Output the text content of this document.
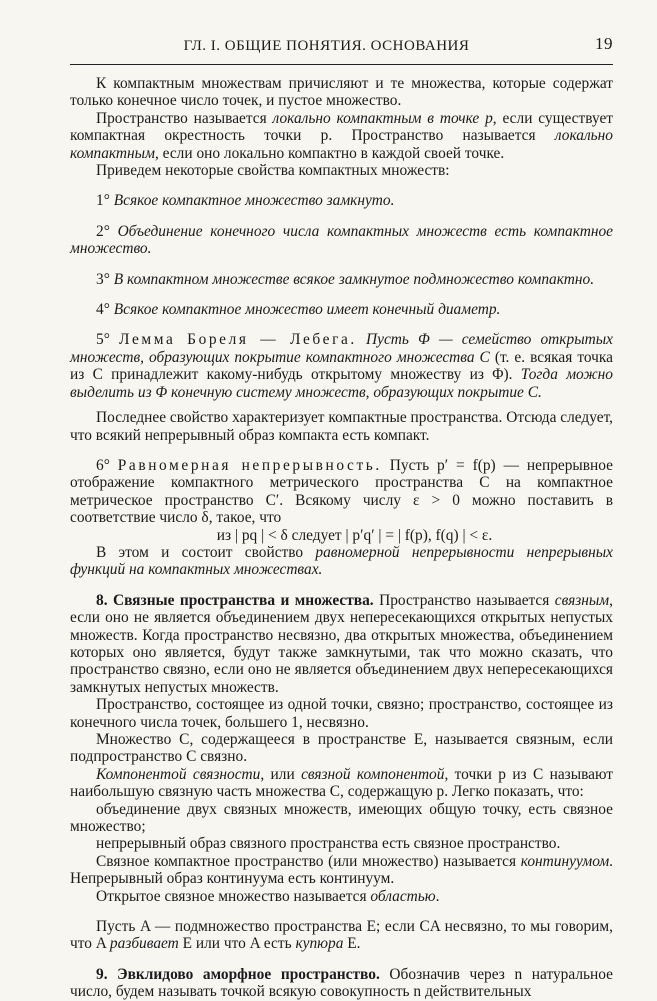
ГЛ. I. ОБЩИЕ ПОНЯТИЯ. ОСНОВАНИЯ	19

К компактным множествам причисляют и те множества, которые содержат только конечное число точек, и пустое множество.

Пространство называется локально компактным в точке p, если существует компактная окрестность точки p. Пространство называется локально компактным, если оно локально компактно в каждой своей точке.

Приведем некоторые свойства компактных множеств:

1° Всякое компактное множество замкнуто.

2° Объединение конечного числа компактных множеств есть компактное множество.

3° В компактном множестве всякое замкнутое подмножество компактно.

4° Всякое компактное множество имеет конечный диаметр.

5° Лемма Бореля — Лебега. Пусть Φ — семейство открытых множеств, образующих покрытие компактного множества C (т. е. всякая точка из C принадлежит какому-нибудь открытому множеству из Φ). Тогда можно выделить из Φ конечную систему множеств, образующих покрытие C.

Последнее свойство характеризует компактные пространства. Отсюда следует, что всякий непрерывный образ компакта есть компакт.

6° Равномерная непрерывность. Пусть p′ = f(p) — непрерывное отображение компактного метрического пространства C на компактное метрическое пространство C′. Всякому числу ε > 0 можно поставить в соответствие число δ, такое, что

из | pq | < δ следует | p′q′ | = | f(p), f(q) | < ε.

В этом и состоит свойство равномерной непрерывности непрерывных функций на компактных множествах.

8. Связные пространства и множества. Пространство называется связным, если оно не является объединением двух непересекающихся открытых непустых множеств. Когда пространство несвязно, два открытых множества, объединением которых оно является, будут также замкнутыми, так что можно сказать, что пространство связно, если оно не является объединением двух непересекающихся замкнутых непустых множеств.

Пространство, состоящее из одной точки, связно; пространство, состоящее из конечного числа точек, большего 1, несвязно.

Множество C, содержащееся в пространстве E, называется связным, если подпространство C связно.

Компонентой связности, или связной компонентой, точки p из C называют наибольшую связную часть множества C, содержащую p. Легко показать, что:

объединение двух связных множеств, имеющих общую точку, есть связное множество;

непрерывный образ связного пространства есть связное пространство.

Связное компактное пространство (или множество) называется континуумом. Непрерывный образ континуума есть континуум.

Открытое связное множество называется областью.

Пусть A — подмножество пространства E; если CA несвязно, то мы говорим, что A разбивает E или что A есть купюра E.

9. Эвклидово аморфное пространство. Обозначив через n натуральное число, будем называть точкой всякую совокупность n действительных
